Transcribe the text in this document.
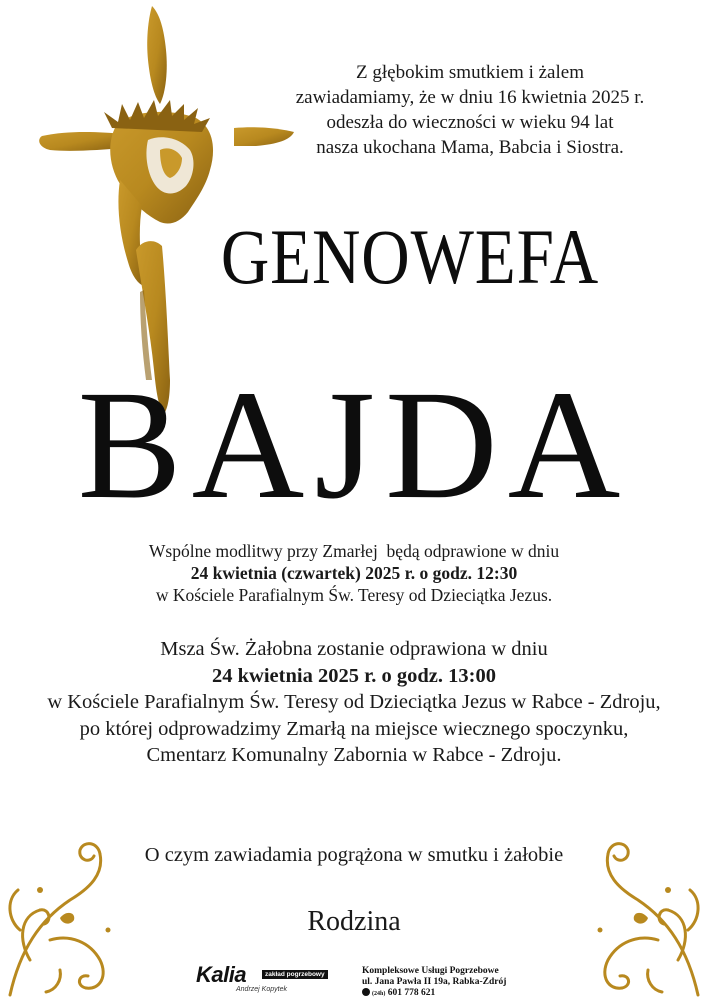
Z głębokim smutkiem i żalem
zawiadamiamy, że w dniu 16 kwietnia 2025 r.
odeszła do wieczności w wieku 94 lat
nasza ukochana Mama, Babcia i Siostra.
GENOWEFA
BAJDA
Wspólne modlitwy przy Zmarłej  będą odprawione w dniu
24 kwietnia (czwartek) 2025 r. o godz. 12:30
w Kościele Parafialnym Św. Teresy od Dzieciątka Jezus.
Msza Św. Żałobna zostanie odprawiona w dniu
24 kwietnia 2025 r. o godz. 13:00
w Kościele Parafialnym Św. Teresy od Dzieciątka Jezus w Rabce - Zdroju,
po której odprowadzimy Zmarłą na miejsce wiecznego spoczynku,
Cmentarz Komunalny Zabornia w Rabce - Zdroju.
O czym zawiadamia pogrążona w smutku i żałobie
Rodzina
Kalia	zakład pogrzebowy
Andrzej Kopytek
Kompleksowe Usługi Pogrzebowe
ul. Jana Pawła II 19a, Rabka-Zdrój
(24h) 601 778 621
